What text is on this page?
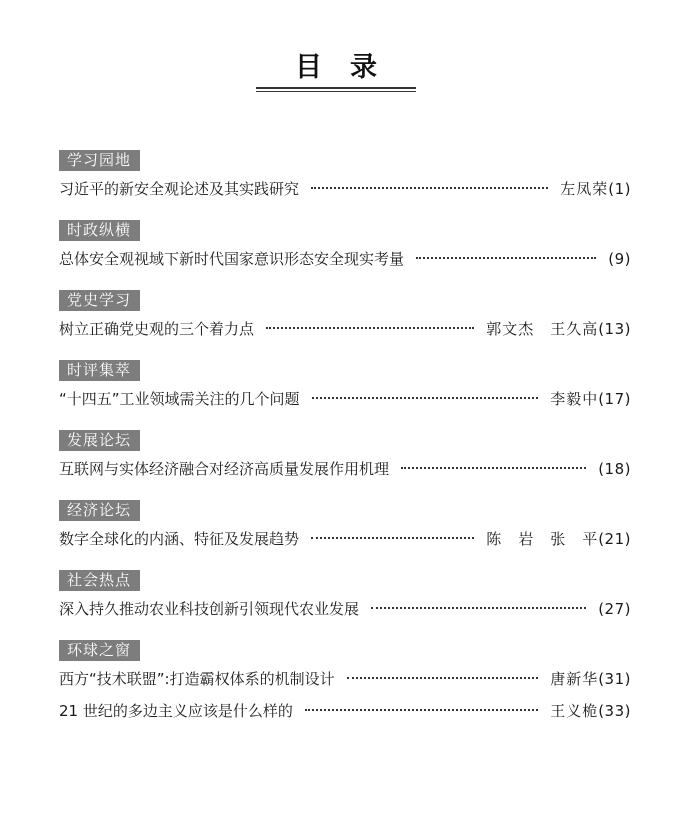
目录
学习园地
习近平的新安全观论述及其实践研究	左凤荣 (1)
时政纵横
总体安全观视域下新时代国家意识形态安全现实考量	(9)
党史学习
树立正确党史观的三个着力点	郭文杰　王久高 (13)
时评集萃
“十四五”工业领域需关注的几个问题	李毅中 (17)
发展论坛
互联网与实体经济融合对经济高质量发展作用机理	(18)
经济论坛
数字全球化的内涵、特征及发展趋势	陈　岩　张　平 (21)
社会热点
深入持久推动农业科技创新引领现代农业发展	(27)
环球之窗
西方“技术联盟”:打造霸权体系的机制设计	唐新华 (31)
21 世纪的多边主义应该是什么样的	王义桅 (33)
